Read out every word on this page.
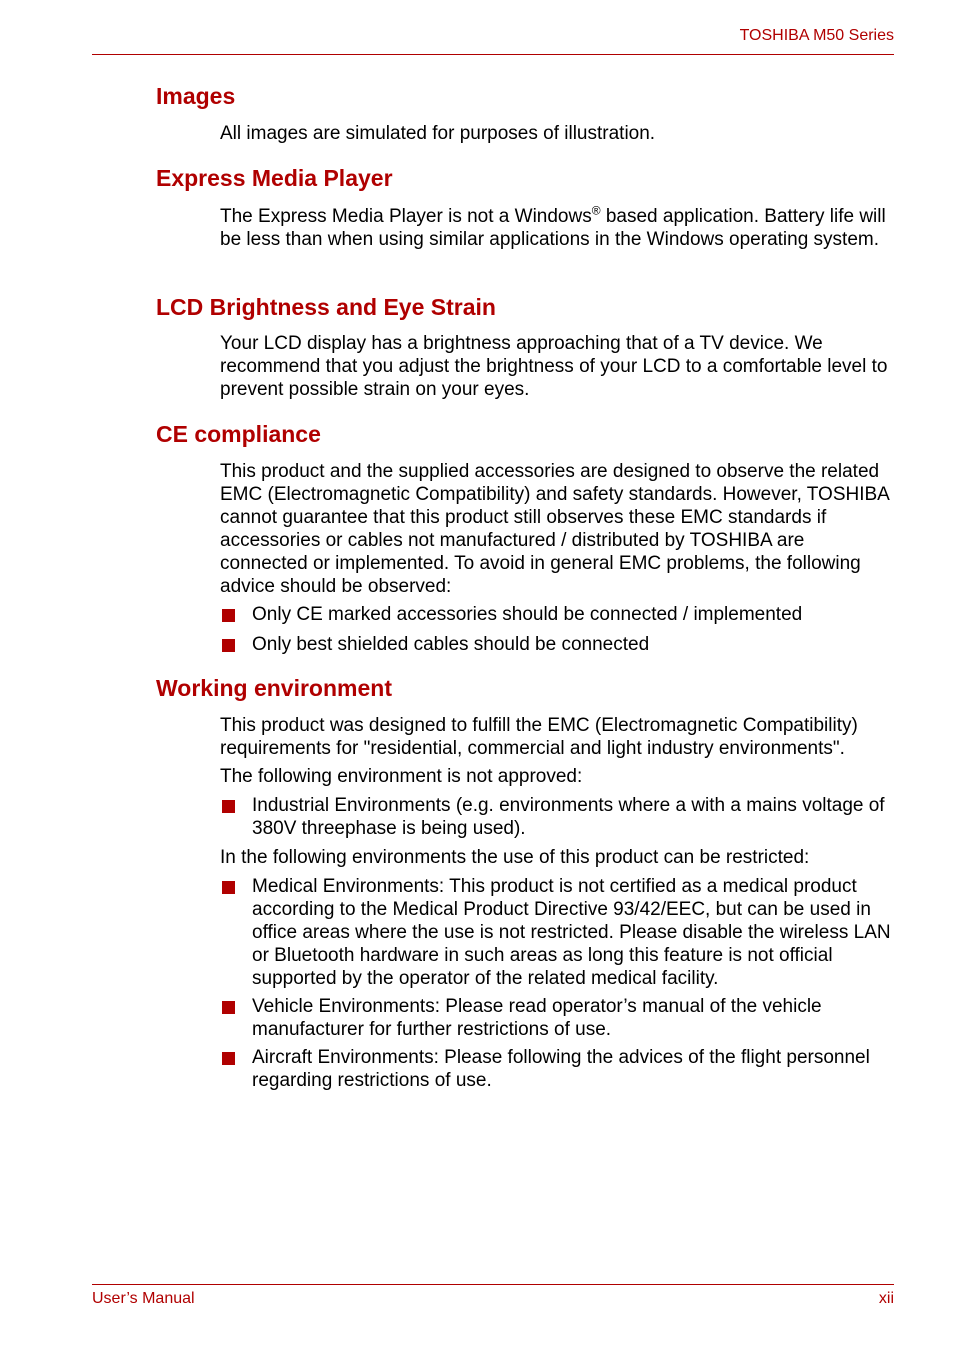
TOSHIBA M50 Series
Images

All images are simulated for purposes of illustration.

Express Media Player

The Express Media Player is not a Windows® based application. Battery life will be less than when using similar applications in the Windows operating system.

LCD Brightness and Eye Strain

Your LCD display has a brightness approaching that of a TV device. We recommend that you adjust the brightness of your LCD to a comfortable level to prevent possible strain on your eyes.

CE compliance

This product and the supplied accessories are designed to observe the related EMC (Electromagnetic Compatibility) and safety standards. However, TOSHIBA cannot guarantee that this product still observes these EMC standards if accessories or cables not manufactured / distributed by TOSHIBA are connected or implemented. To avoid in general EMC problems, the following advice should be observed:

Only CE marked accessories should be connected / implemented
Only best shielded cables should be connected
Working environment

This product was designed to fulfill the EMC (Electromagnetic Compatibility) requirements for "residential, commercial and light industry environments".

The following environment is not approved:

Industrial Environments (e.g. environments where a with a mains voltage of 380V threephase is being used).

In the following environments the use of this product can be restricted:

Medical Environments: This product is not certified as a medical product according to the Medical Product Directive 93/42/EEC, but can be used in office areas where the use is not restricted. Please disable the wireless LAN or Bluetooth hardware in such areas as long this feature is not official supported by the operator of the related medical facility.
Vehicle Environments: Please read operator’s manual of the vehicle manufacturer for further restrictions of use.
Aircraft Environments: Please following the advices of the flight personnel regarding restrictions of use.
User’s Manual	xii
